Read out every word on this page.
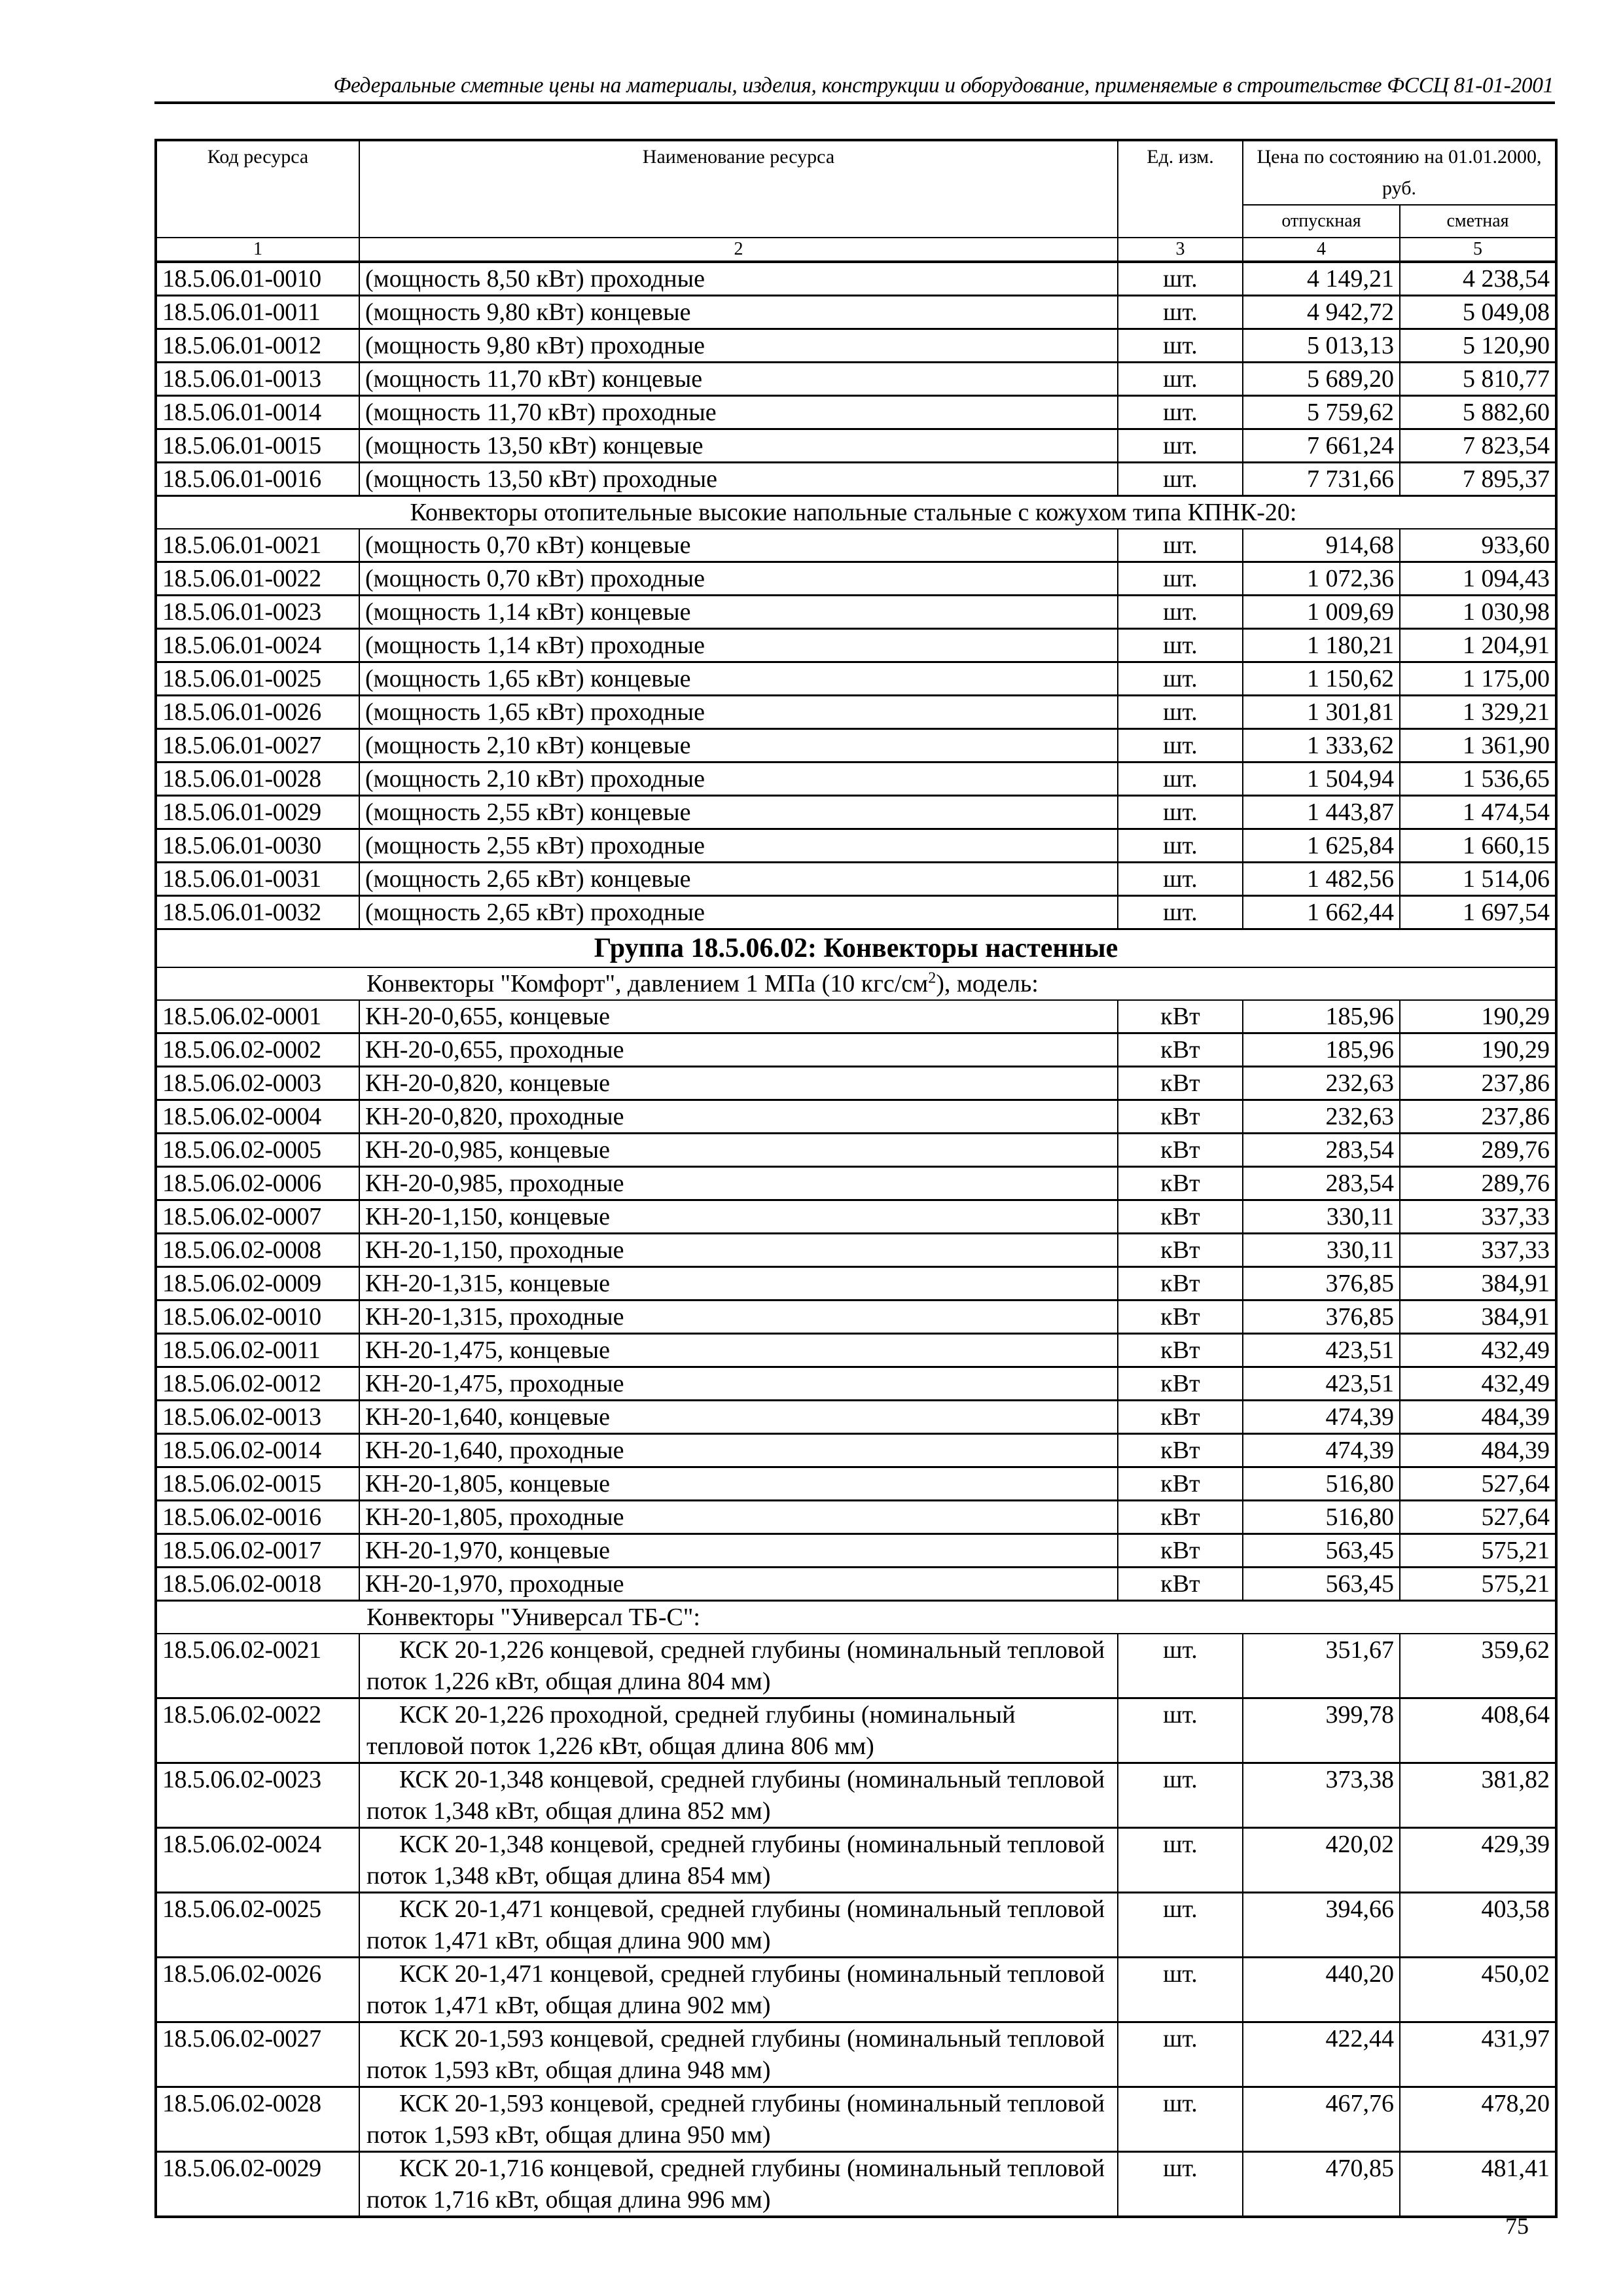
Федеральные сметные цены на материалы, изделия, конструкции и оборудование, применяемые в строительстве ФССЦ 81-01-2001
Код ресурса	Наименование ресурса	Ед. изм.	Цена по состоянию на 01.01.2000, руб.	
			отпускная	сметная
1	2	3	4	5
18.5.06.01-0010	(мощность 8,50 кВт) проходные	шт.	4 149,21	4 238,54
18.5.06.01-0011	(мощность 9,80 кВт) концевые	шт.	4 942,72	5 049,08
18.5.06.01-0012	(мощность 9,80 кВт) проходные	шт.	5 013,13	5 120,90
18.5.06.01-0013	(мощность 11,70 кВт) концевые	шт.	5 689,20	5 810,77
18.5.06.01-0014	(мощность 11,70 кВт) проходные	шт.	5 759,62	5 882,60
18.5.06.01-0015	(мощность 13,50 кВт) концевые	шт.	7 661,24	7 823,54
18.5.06.01-0016	(мощность 13,50 кВт) проходные	шт.	7 731,66	7 895,37
Конвекторы отопительные высокие напольные стальные с кожухом типа КПНК-20:				
18.5.06.01-0021	(мощность 0,70 кВт) концевые	шт.	914,68	933,60
18.5.06.01-0022	(мощность 0,70 кВт) проходные	шт.	1 072,36	1 094,43
18.5.06.01-0023	(мощность 1,14 кВт) концевые	шт.	1 009,69	1 030,98
18.5.06.01-0024	(мощность 1,14 кВт) проходные	шт.	1 180,21	1 204,91
18.5.06.01-0025	(мощность 1,65 кВт) концевые	шт.	1 150,62	1 175,00
18.5.06.01-0026	(мощность 1,65 кВт) проходные	шт.	1 301,81	1 329,21
18.5.06.01-0027	(мощность 2,10 кВт) концевые	шт.	1 333,62	1 361,90
18.5.06.01-0028	(мощность 2,10 кВт) проходные	шт.	1 504,94	1 536,65
18.5.06.01-0029	(мощность 2,55 кВт) концевые	шт.	1 443,87	1 474,54
18.5.06.01-0030	(мощность 2,55 кВт) проходные	шт.	1 625,84	1 660,15
18.5.06.01-0031	(мощность 2,65 кВт) концевые	шт.	1 482,56	1 514,06
18.5.06.01-0032	(мощность 2,65 кВт) проходные	шт.	1 662,44	1 697,54
Группа 18.5.06.02: Конвекторы настенные				
Конвекторы "Комфорт", давлением 1 МПа (10 кгс/$см^2$), модель:				
18.5.06.02-0001	КН-20-0,655, концевые	кВт	185,96	190,29
18.5.06.02-0002	КН-20-0,655, проходные	кВт	185,96	190,29
18.5.06.02-0003	КН-20-0,820, концевые	кВт	232,63	237,86
18.5.06.02-0004	КН-20-0,820, проходные	кВт	232,63	237,86
18.5.06.02-0005	КН-20-0,985, концевые	кВт	283,54	289,76
18.5.06.02-0006	КН-20-0,985, проходные	кВт	283,54	289,76
18.5.06.02-0007	КН-20-1,150, концевые	кВт	330,11	337,33
18.5.06.02-0008	КН-20-1,150, проходные	кВт	330,11	337,33
18.5.06.02-0009	КН-20-1,315, концевые	кВт	376,85	384,91
18.5.06.02-0010	КН-20-1,315, проходные	кВт	376,85	384,91
18.5.06.02-0011	КН-20-1,475, концевые	кВт	423,51	432,49
18.5.06.02-0012	КН-20-1,475, проходные	кВт	423,51	432,49
18.5.06.02-0013	КН-20-1,640, концевые	кВт	474,39	484,39
18.5.06.02-0014	КН-20-1,640, проходные	кВт	474,39	484,39
18.5.06.02-0015	КН-20-1,805, концевые	кВт	516,80	527,64
18.5.06.02-0016	КН-20-1,805, проходные	кВт	516,80	527,64
18.5.06.02-0017	КН-20-1,970, концевые	кВт	563,45	575,21
18.5.06.02-0018	КН-20-1,970, проходные	кВт	563,45	575,21
Конвекторы "Универсал ТБ-С":				
18.5.06.02-0021	КСК 20-1,226 концевой, средней глубины (номинальный тепловой поток 1,226 кВт, общая длина 804 мм)	шт.	351,67	359,62
18.5.06.02-0022	КСК 20-1,226 проходной, средней глубины (номинальный тепловой поток 1,226 кВт, общая длина 806 мм)	шт.	399,78	408,64
18.5.06.02-0023	КСК 20-1,348 концевой, средней глубины (номинальный тепловой поток 1,348 кВт, общая длина 852 мм)	шт.	373,38	381,82
18.5.06.02-0024	КСК 20-1,348 концевой, средней глубины (номинальный тепловой поток 1,348 кВт, общая длина 854 мм)	шт.	420,02	429,39
18.5.06.02-0025	КСК 20-1,471 концевой, средней глубины (номинальный тепловой поток 1,471 кВт, общая длина 900 мм)	шт.	394,66	403,58
18.5.06.02-0026	КСК 20-1,471 концевой, средней глубины (номинальный тепловой поток 1,471 кВт, общая длина 902 мм)	шт.	440,20	450,02
18.5.06.02-0027	КСК 20-1,593 концевой, средней глубины (номинальный тепловой поток 1,593 кВт, общая длина 948 мм)	шт.	422,44	431,97
18.5.06.02-0028	КСК 20-1,593 концевой, средней глубины (номинальный тепловой поток 1,593 кВт, общая длина 950 мм)	шт.	467,76	478,20
18.5.06.02-0029	КСК 20-1,716 концевой, средней глубины (номинальный тепловой поток 1,716 кВт, общая длина 996 мм)	шт.	470,85	481,41
75
